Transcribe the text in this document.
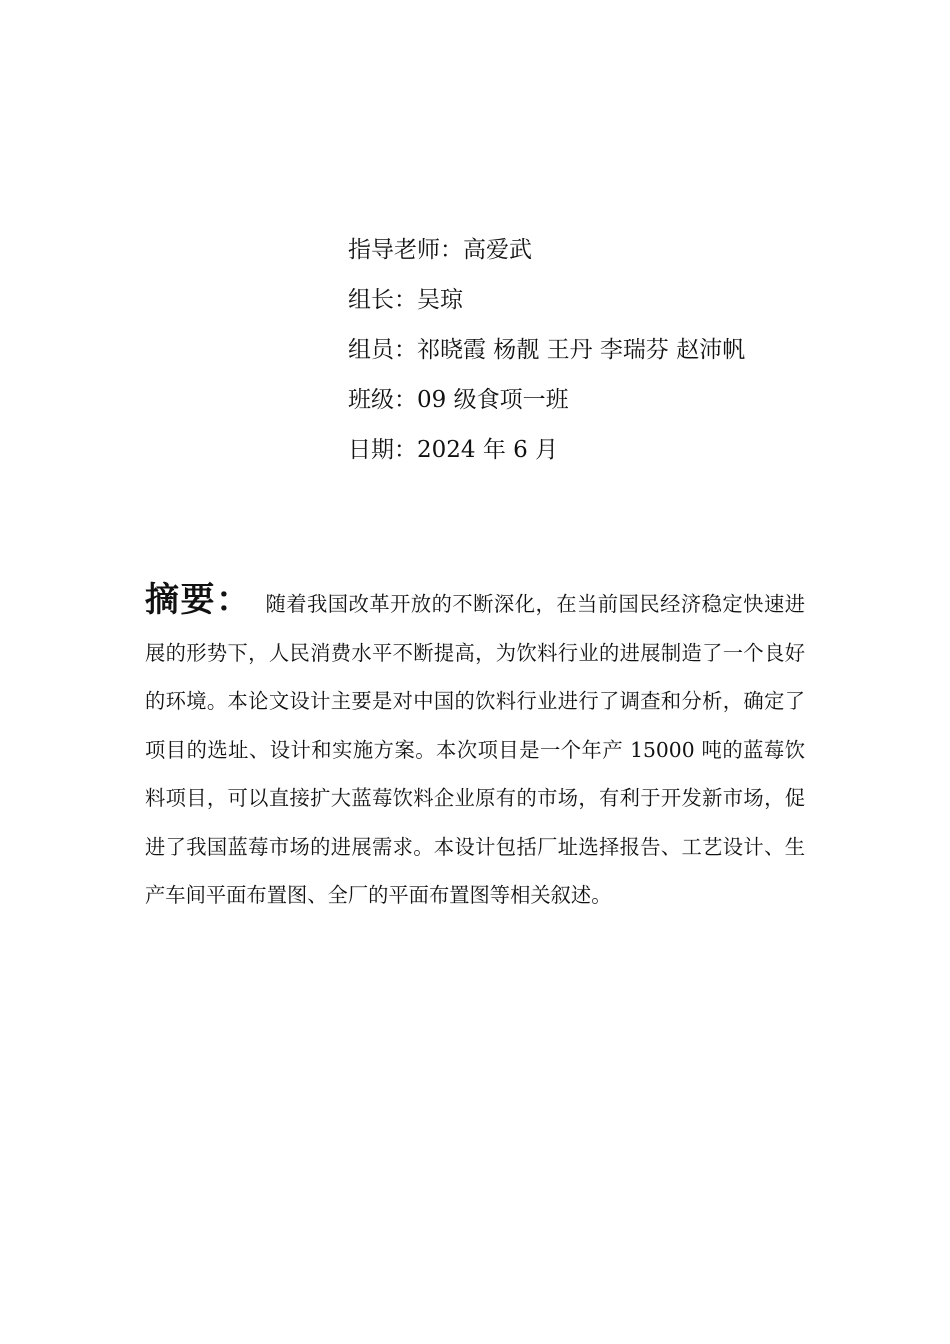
指导老师：高爱武
组长：吴琼
组员：祁晓霞 杨靓 王丹 李瑞芬 赵沛帆
班级：09 级食项一班
日期：2024 年 6 月

摘要： 随着我国改革开放的不断深化，在当前国民经济稳定快速进展的形势下，人民消费水平不断提高，为饮料行业的进展制造了一个良好的环境。本论文设计主要是对中国的饮料行业进行了调查和分析，确定了项目的选址、设计和实施方案。本次项目是一个年产 15000 吨的蓝莓饮料项目，可以直接扩大蓝莓饮料企业原有的市场，有利于开发新市场，促进了我国蓝莓市场的进展需求。本设计包括厂址选择报告、工艺设计、生产车间平面布置图、全厂的平面布置图等相关叙述。
